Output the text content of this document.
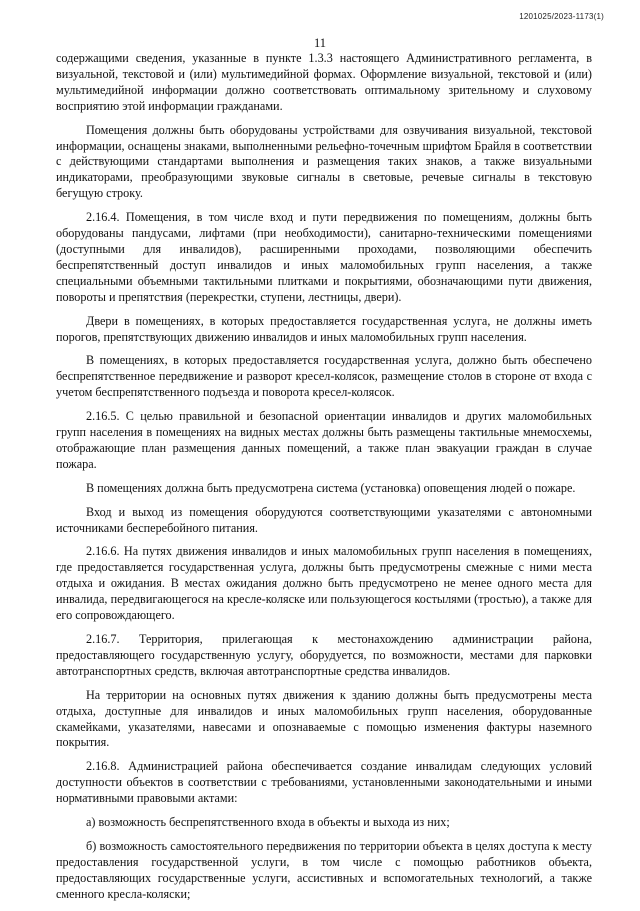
1201025/2023-1173(1)
11

содержащими сведения, указанные в пункте 1.3.3 настоящего Административного регламента, в визуальной, текстовой и (или) мультимедийной формах. Оформление визуальной, текстовой и (или) мультимедийной информации должно соответствовать оптимальному зрительному и слуховому восприятию этой информации гражданами.

Помещения должны быть оборудованы устройствами для озвучивания визуальной, текстовой информации, оснащены знаками, выполненными рельефно-точечным шрифтом Брайля в соответствии с действующими стандартами выполнения и размещения таких знаков, а также визуальными индикаторами, преобразующими звуковые сигналы в световые, речевые сигналы в текстовую бегущую строку.

2.16.4. Помещения, в том числе вход и пути передвижения по помещениям, должны быть оборудованы пандусами, лифтами (при необходимости), санитарно-техническими помещениями (доступными для инвалидов), расширенными проходами, позволяющими обеспечить беспрепятственный доступ инвалидов и иных маломобильных групп населения, а также специальными объемными тактильными плитками и покрытиями, обозначающими пути движения, повороты и препятствия (перекрестки, ступени, лестницы, двери).

Двери в помещениях, в которых предоставляется государственная услуга, не должны иметь порогов, препятствующих движению инвалидов и иных маломобильных групп населения.

В помещениях, в которых предоставляется государственная услуга, должно быть обеспечено беспрепятственное передвижение и разворот кресел-колясок, размещение столов в стороне от входа с учетом беспрепятственного подъезда и поворота кресел-колясок.

2.16.5. С целью правильной и безопасной ориентации инвалидов и других маломобильных групп населения в помещениях на видных местах должны быть размещены тактильные мнемосхемы, отображающие план размещения данных помещений, а также план эвакуации граждан в случае пожара.

В помещениях должна быть предусмотрена система (установка) оповещения людей о пожаре.

Вход и выход из помещения оборудуются соответствующими указателями с автономными источниками бесперебойного питания.

2.16.6. На путях движения инвалидов и иных маломобильных групп населения в помещениях, где предоставляется государственная услуга, должны быть предусмотрены смежные с ними места отдыха и ожидания. В местах ожидания должно быть предусмотрено не менее одного места для инвалида, передвигающегося на кресле-коляске или пользующегося костылями (тростью), а также для его сопровождающего.

2.16.7. Территория, прилегающая к местонахождению администрации района, предоставляющего государственную услугу, оборудуется, по возможности, местами для парковки автотранспортных средств, включая автотранспортные средства инвалидов.

На территории на основных путях движения к зданию должны быть предусмотрены места отдыха, доступные для инвалидов и иных маломобильных групп населения, оборудованные скамейками, указателями, навесами и опознаваемые с помощью изменения фактуры наземного покрытия.

2.16.8. Администрацией района обеспечивается создание инвалидам следующих условий доступности объектов в соответствии с требованиями, установленными законодательными и иными нормативными правовыми актами:

а) возможность беспрепятственного входа в объекты и выхода из них;

б) возможность самостоятельного передвижения по территории объекта в целях доступа к месту предоставления государственной услуги, в том числе с помощью работников объекта, предоставляющих государственные услуги, ассистивных и вспомогательных технологий, а также сменного кресла-коляски;
